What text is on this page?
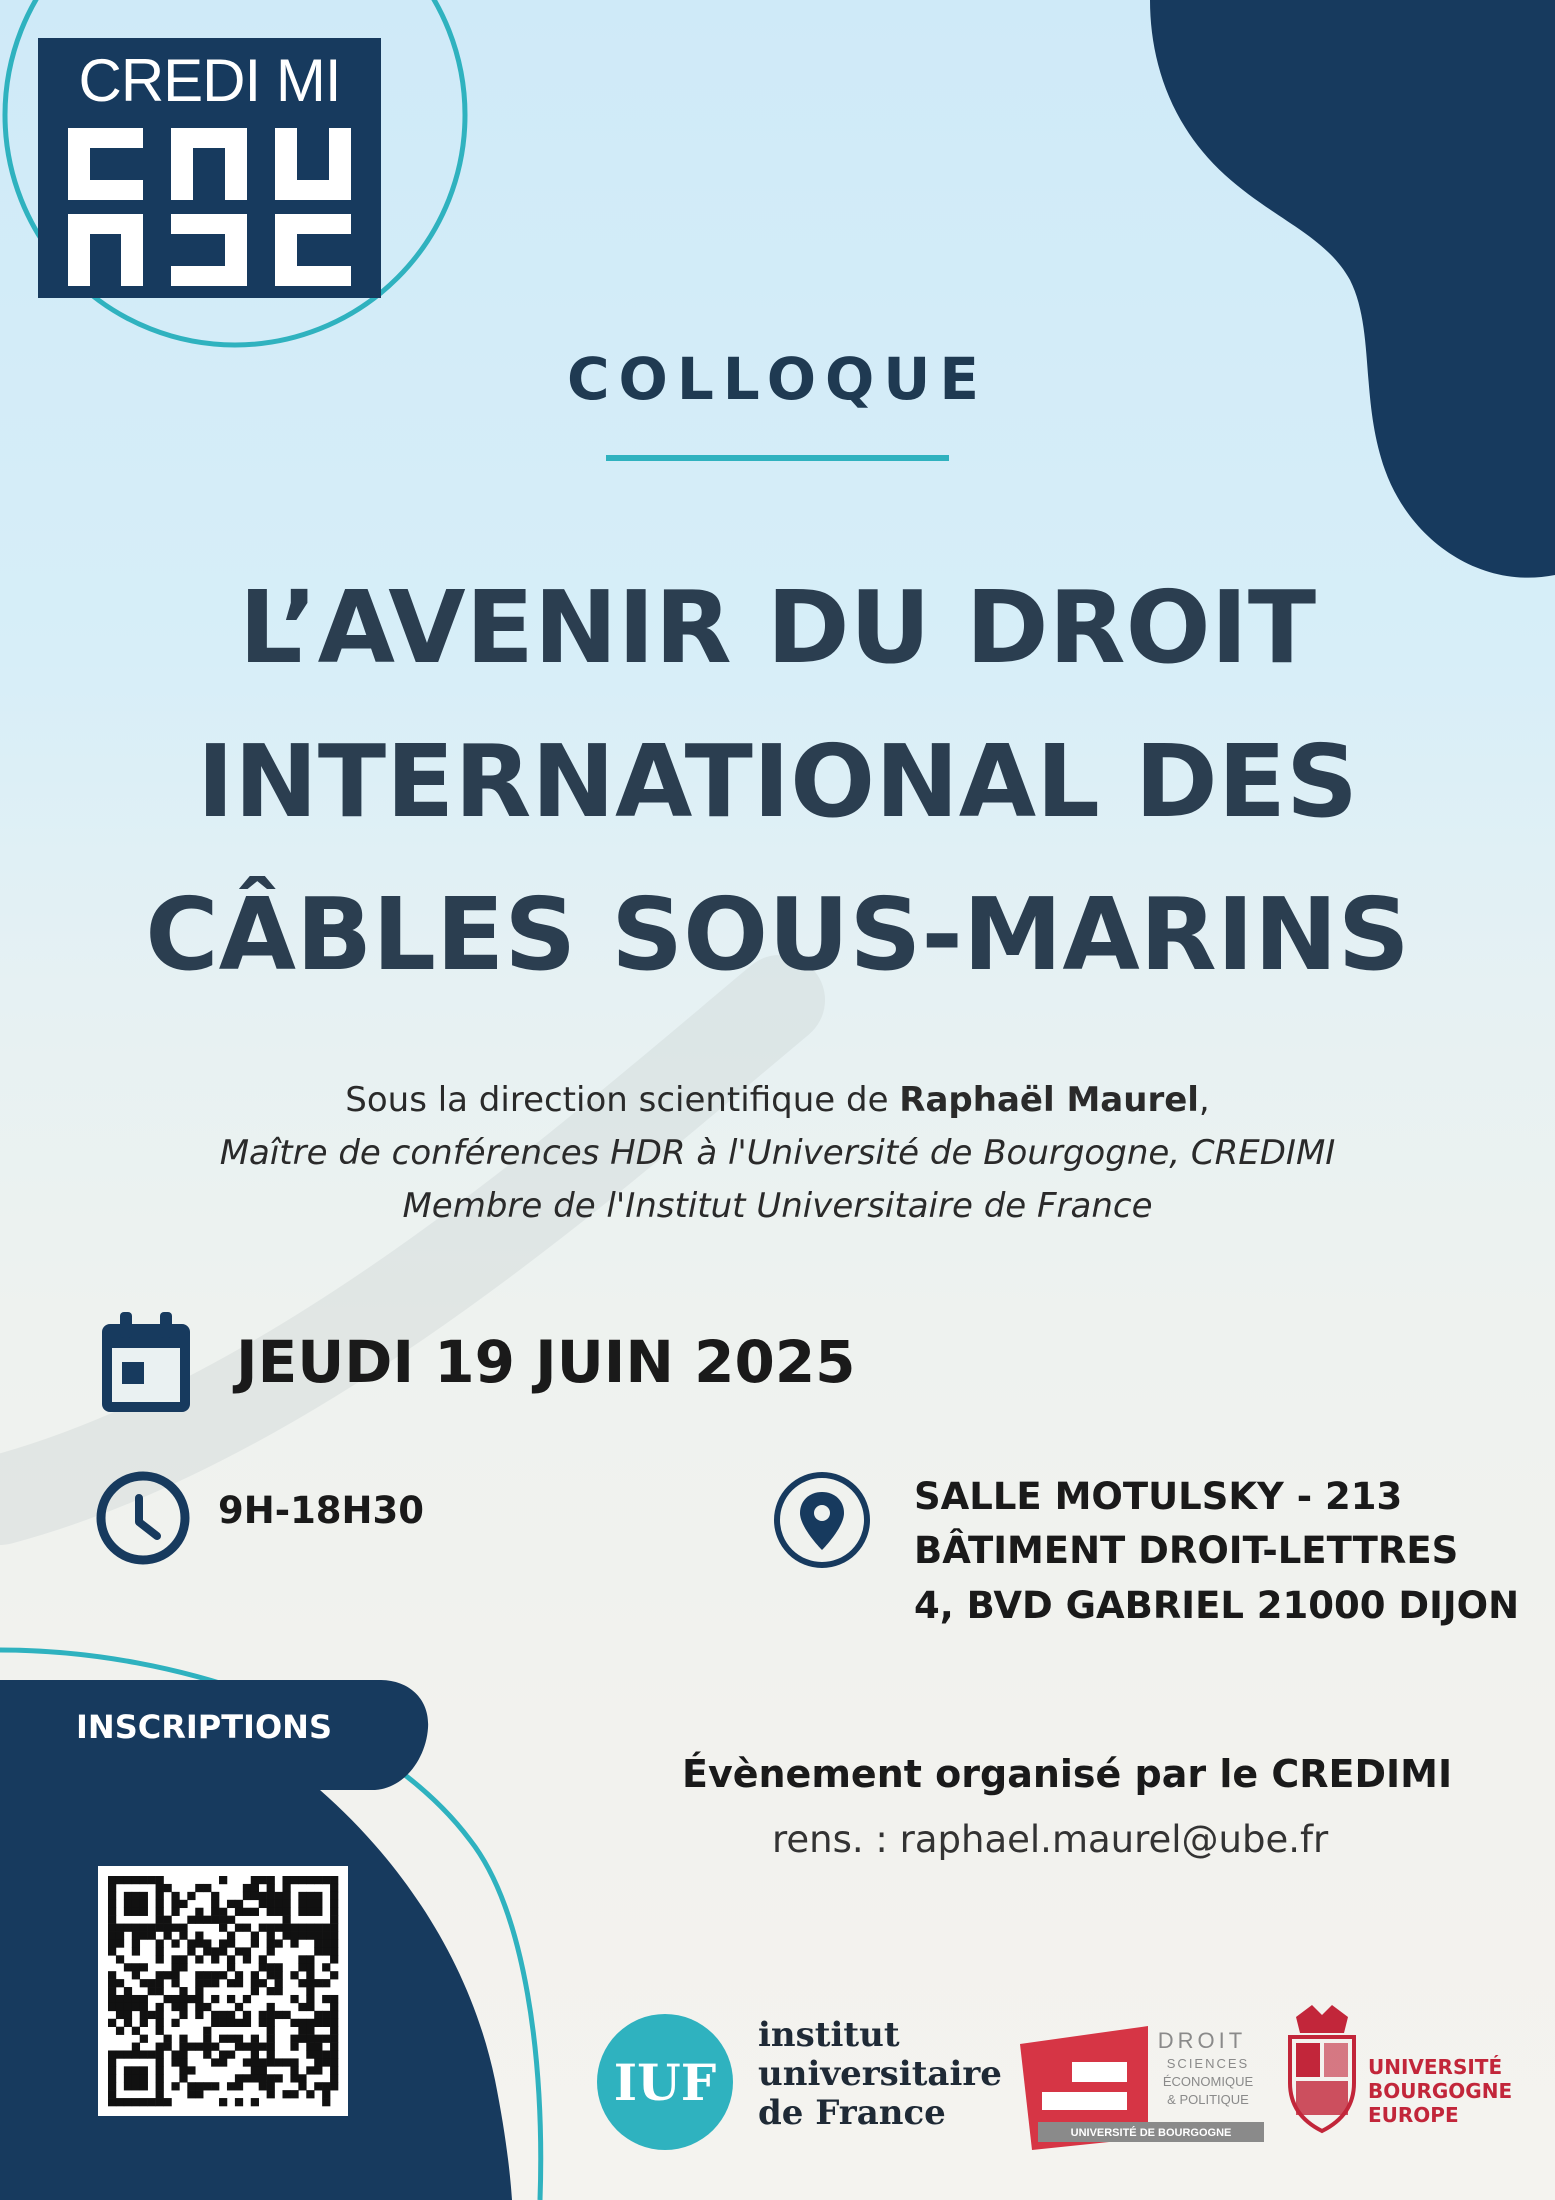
CREDI MI
COLLOQUE
L’AVENIR DU DROIT
INTERNATIONAL DES
CÂBLES SOUS-MARINS
Sous la direction scientifique de Raphaël Maurel,
Maître de conférences HDR à l'Université de Bourgogne, CREDIMI
Membre de l'Institut Universitaire de France
JEUDI 19 JUIN 2025
9H-18H30	SALLE MOTULSKY - 213
BÂTIMENT DROIT-LETTRES
4, BVD GABRIEL 21000 DIJON
INSCRIPTIONS
Évènement organisé par le CREDIMI
rens. : raphael.maurel@ube.fr
IUF
institut
universitaire
de France	UNIVERSITÉ DE BOURGOGNE
DROIT
SCIENCES
ÉCONOMIQUE
& POLITIQUE
UNIVERSITÉ
BOURGOGNE
EUROPE
